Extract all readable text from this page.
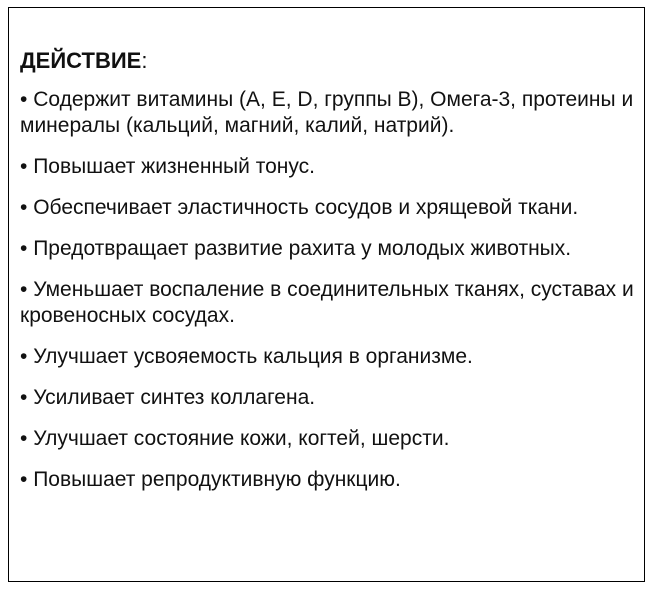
ДЕЙСТВИЕ:
• Содержит витамины (A, E, D, группы B), Омега-3, протеины и минералы (кальций, магний, калий, натрий).
• Повышает жизненный тонус.
• Обеспечивает эластичность сосудов и хрящевой ткани.
• Предотвращает развитие рахита у молодых животных.
• Уменьшает воспаление в соединительных тканях, суставах и кровеносных сосудах.
• Улучшает усвояемость кальция в организме.
• Усиливает синтез коллагена.
• Улучшает состояние кожи, когтей, шерсти.
• Повышает репродуктивную функцию.
